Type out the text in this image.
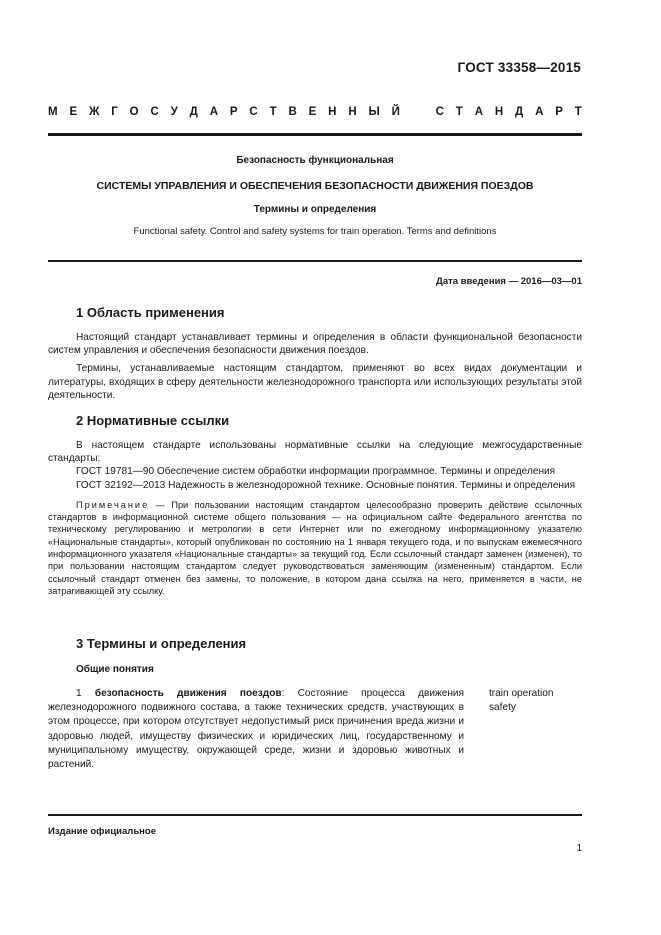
ГОСТ 33358—2015
М Е Ж Г О С У Д А Р С Т В Е Н Н Ы Й	С Т А Н Д А Р Т
Безопасность функциональная
СИСТЕМЫ УПРАВЛЕНИЯ И ОБЕСПЕЧЕНИЯ БЕЗОПАСНОСТИ ДВИЖЕНИЯ ПОЕЗДОВ
Термины и определения
Functional safety. Control and safety systems for train operation. Terms and definitions
Дата введения — 2016—03—01
1 Область применения

Настоящий стандарт устанавливает термины и определения в области функциональной безопасности систем управления и обеспечения безопасности движения поездов.

Термины, устанавливаемые настоящим стандартом, применяют во всех видах документации и литературы, входящих в сферу деятельности железнодорожного транспорта или использующих результаты этой деятельности.

2 Нормативные ссылки

В настоящем стандарте использованы нормативные ссылки на следующие межгосударственные стандарты:

ГОСТ 19781—90 Обеспечение систем обработки информации программное. Термины и определения

ГОСТ 32192—2013 Надежность в железнодорожной технике. Основные понятия. Термины и определения

Примечание — При пользовании настоящим стандартом целесообразно проверить действие ссылочных стандартов в информационной системе общего пользования — на официальном сайте Федерального агентства по техническому регулированию и метрологии в сети Интернет или по ежегодному информационному указателю «Национальные стандарты», который опубликован по состоянию на 1 января текущего года, и по выпускам ежемесячного информационного указателя «Национальные стандарты» за текущий год. Если ссылочный стандарт заменен (изменен), то при пользовании настоящим стандартом следует руководствоваться заменяющим (измененным) стандартом. Если ссылочный стандарт отменен без замены, то положение, в котором дана ссылка на него, применяется в части, не затрагивающей эту ссылку.

3 Термины и определения
Общие понятия
1 безопасность движения поездов: Состояние процесса движения железнодорожного подвижного состава, а также технических средств, участвующих в этом процессе, при котором отсутствует недопустимый риск причинения вреда жизни и здоровью людей, имуществу физических и юридических лиц, государственному и муниципальному имуществу, окружающей среде, жизни и здоровью животных и растений.
train operation
safety
Издание официальное
1
